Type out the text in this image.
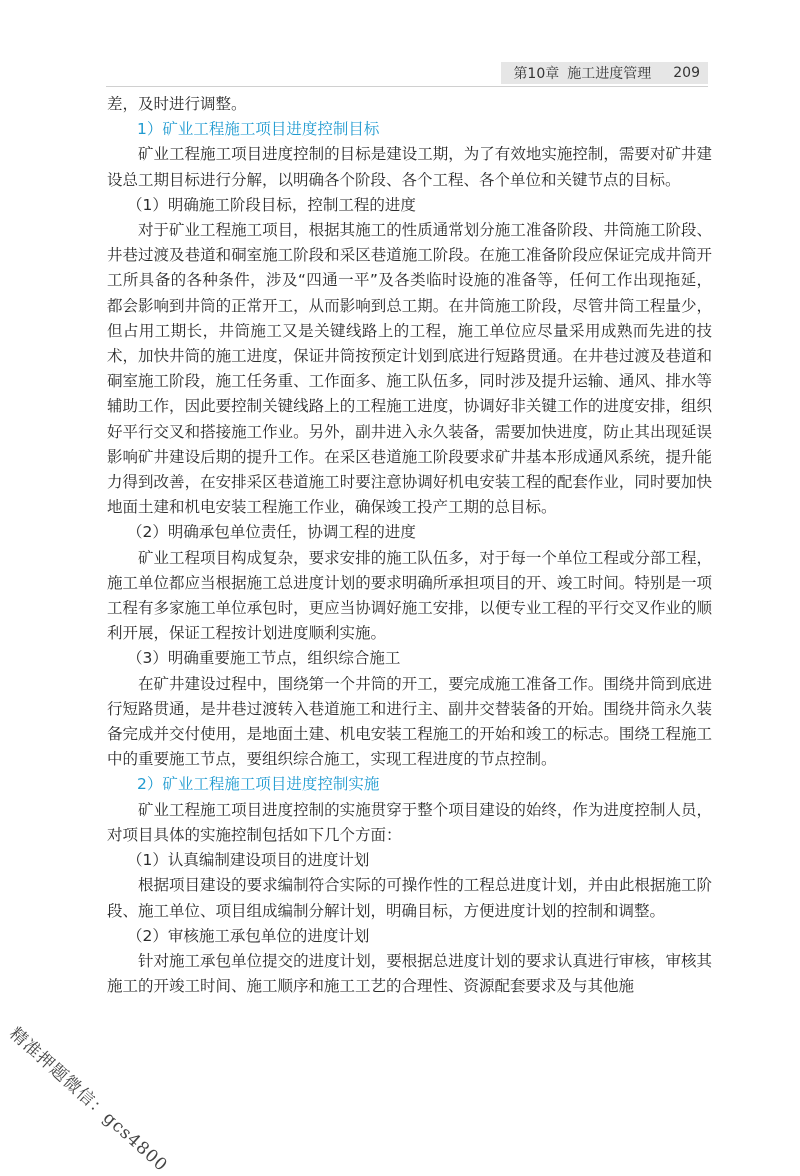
第10章 施工进度管理 209

差，及时进行调整。

1）矿业工程施工项目进度控制目标

矿业工程施工项目进度控制的目标是建设工期，为了有效地实施控制，需要对矿井建设总工期目标进行分解，以明确各个阶段、各个工程、各个单位和关键节点的目标。

（1）明确施工阶段目标，控制工程的进度

对于矿业工程施工项目，根据其施工的性质通常划分施工准备阶段、井筒施工阶段、井巷过渡及巷道和硐室施工阶段和采区巷道施工阶段。在施工准备阶段应保证完成井筒开工所具备的各种条件，涉及“四通一平”及各类临时设施的准备等，任何工作出现拖延，都会影响到井筒的正常开工，从而影响到总工期。在井筒施工阶段，尽管井筒工程量少，但占用工期长，井筒施工又是关键线路上的工程，施工单位应尽量采用成熟而先进的技术，加快井筒的施工进度，保证井筒按预定计划到底进行短路贯通。在井巷过渡及巷道和硐室施工阶段，施工任务重、工作面多、施工队伍多，同时涉及提升运输、通风、排水等辅助工作，因此要控制关键线路上的工程施工进度，协调好非关键工作的进度安排，组织好平行交叉和搭接施工作业。另外，副井进入永久装备，需要加快进度，防止其出现延误影响矿井建设后期的提升工作。在采区巷道施工阶段要求矿井基本形成通风系统，提升能力得到改善，在安排采区巷道施工时要注意协调好机电安装工程的配套作业，同时要加快地面土建和机电安装工程施工作业，确保竣工投产工期的总目标。

（2）明确承包单位责任，协调工程的进度

矿业工程项目构成复杂，要求安排的施工队伍多，对于每一个单位工程或分部工程，施工单位都应当根据施工总进度计划的要求明确所承担项目的开、竣工时间。特别是一项工程有多家施工单位承包时，更应当协调好施工安排，以便专业工程的平行交叉作业的顺利开展，保证工程按计划进度顺利实施。

（3）明确重要施工节点，组织综合施工

在矿井建设过程中，围绕第一个井筒的开工，要完成施工准备工作。围绕井筒到底进行短路贯通，是井巷过渡转入巷道施工和进行主、副井交替装备的开始。围绕井筒永久装备完成并交付使用，是地面土建、机电安装工程施工的开始和竣工的标志。围绕工程施工中的重要施工节点，要组织综合施工，实现工程进度的节点控制。

2）矿业工程施工项目进度控制实施

矿业工程施工项目进度控制的实施贯穿于整个项目建设的始终，作为进度控制人员，对项目具体的实施控制包括如下几个方面：

（1）认真编制建设项目的进度计划

根据项目建设的要求编制符合实际的可操作性的工程总进度计划，并由此根据施工阶段、施工单位、项目组成编制分解计划，明确目标，方便进度计划的控制和调整。

（2）审核施工承包单位的进度计划

针对施工承包单位提交的进度计划，要根据总进度计划的要求认真进行审核，审核其施工的开竣工时间、施工顺序和施工工艺的合理性、资源配套要求及与其他施

精准押题微信：gcs4800
